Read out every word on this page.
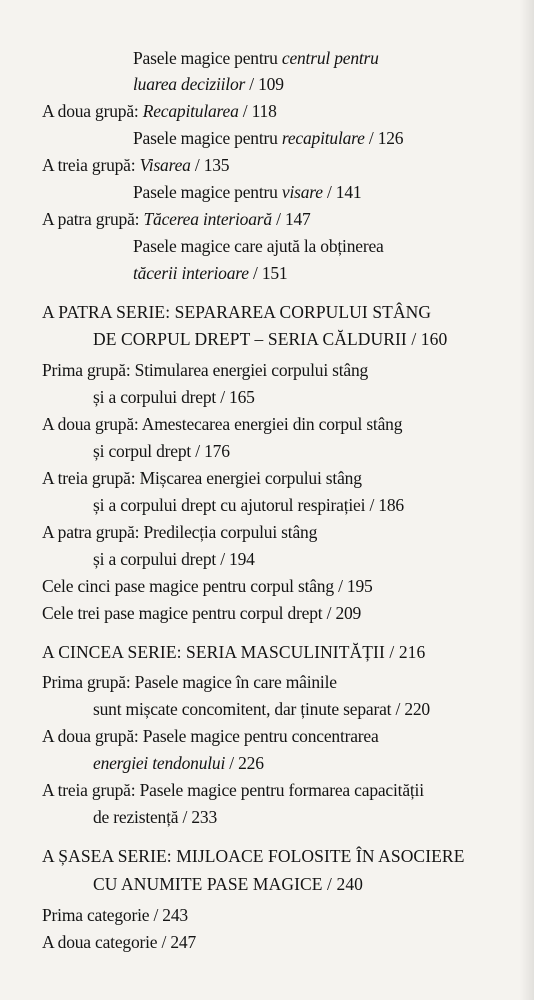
Pasele magice pentru centrul pentru
luarea deciziilor / 109
A doua grupă: Recapitularea / 118
Pasele magice pentru recapitulare / 126
A treia grupă: Visarea / 135
Pasele magice pentru visare / 141
A patra grupă: Tăcerea interioară / 147
Pasele magice care ajută la obținerea
tăcerii interioare / 151
A PATRA SERIE: SEPARAREA CORPULUI STÂNG
DE CORPUL DREPT – SERIA CĂLDURII / 160
Prima grupă: Stimularea energiei corpului stâng
și a corpului drept / 165
A doua grupă: Amestecarea energiei din corpul stâng
și corpul drept / 176
A treia grupă: Mișcarea energiei corpului stâng
și a corpului drept cu ajutorul respirației / 186
A patra grupă: Predilecția corpului stâng
și a corpului drept / 194
Cele cinci pase magice pentru corpul stâng / 195
Cele trei pase magice pentru corpul drept / 209
A CINCEA SERIE: SERIA MASCULINITĂȚII / 216
Prima grupă: Pasele magice în care mâinile
sunt mișcate concomitent, dar ținute separat / 220
A doua grupă: Pasele magice pentru concentrarea
energiei tendonului / 226
A treia grupă: Pasele magice pentru formarea capacității
de rezistență / 233
A ȘASEA SERIE: MIJLOACE FOLOSITE ÎN ASOCIERE
CU ANUMITE PASE MAGICE / 240
Prima categorie / 243
A doua categorie / 247
